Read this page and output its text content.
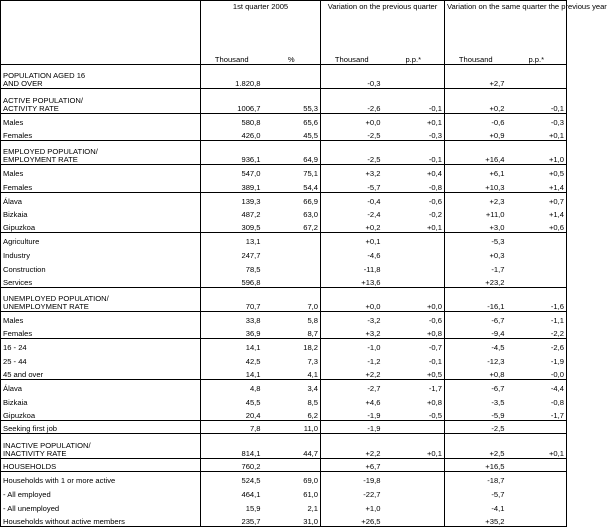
	1st quarter 2005		Variation on the previous quarter		Variation on the same quarter the previous year	
	Thousand	%	Thousand	p.p.*	Thousand	p.p.*
POPULATION AGED 16
AND OVER	1.820,8		-0,3		+2,7	
ACTIVE POPULATION/
ACTIVITY RATE	1006,7	55,3	-2,6	-0,1	+0,2	-0,1
Males	580,8	65,6	+0,0	+0,1	-0,6	-0,3
Females	426,0	45,5	-2,5	-0,3	+0,9	+0,1
EMPLOYED POPULATION/
EMPLOYMENT RATE	936,1	64,9	-2,5	-0,1	+16,4	+1,0
Males	547,0	75,1	+3,2	+0,4	+6,1	+0,5
Females	389,1	54,4	-5,7	-0,8	+10,3	+1,4
Álava	139,3	66,9	-0,4	-0,6	+2,3	+0,7
Bizkaia	487,2	63,0	-2,4	-0,2	+11,0	+1,4
Gipuzkoa	309,5	67,2	+0,2	+0,1	+3,0	+0,6
Agriculture	13,1		+0,1		-5,3	
Industry	247,7		-4,6		+0,3	
Construction	78,5		-11,8		-1,7	
Services	596,8		+13,6		+23,2	
UNEMPLOYED POPULATION/
UNEMPLOYMENT RATE	70,7	7,0	+0,0	+0,0	-16,1	-1,6
Males	33,8	5,8	-3,2	-0,6	-6,7	-1,1
Females	36,9	8,7	+3,2	+0,8	-9,4	-2,2
16 - 24	14,1	18,2	-1,0	-0,7	-4,5	-2,6
25 - 44	42,5	7,3	-1,2	-0,1	-12,3	-1,9
45 and over	14,1	4,1	+2,2	+0,5	+0,8	-0,0
Álava	4,8	3,4	-2,7	-1,7	-6,7	-4,4
Bizkaia	45,5	8,5	+4,6	+0,8	-3,5	-0,8
Gipuzkoa	20,4	6,2	-1,9	-0,5	-5,9	-1,7
Seeking first job	7,8	11,0	-1,9		-2,5	
INACTIVE POPULATION/
INACTIVITY RATE	814,1	44,7	+2,2	+0,1	+2,5	+0,1
HOUSEHOLDS	760,2		+6,7		+16,5	
Households with 1 or more active	524,5	69,0	-19,8		-18,7	
- All employed	464,1	61,0	-22,7		-5,7	
- All unemployed	15,9	2,1	+1,0		-4,1	
Households without active members	235,7	31,0	+26,5		+35,2	
